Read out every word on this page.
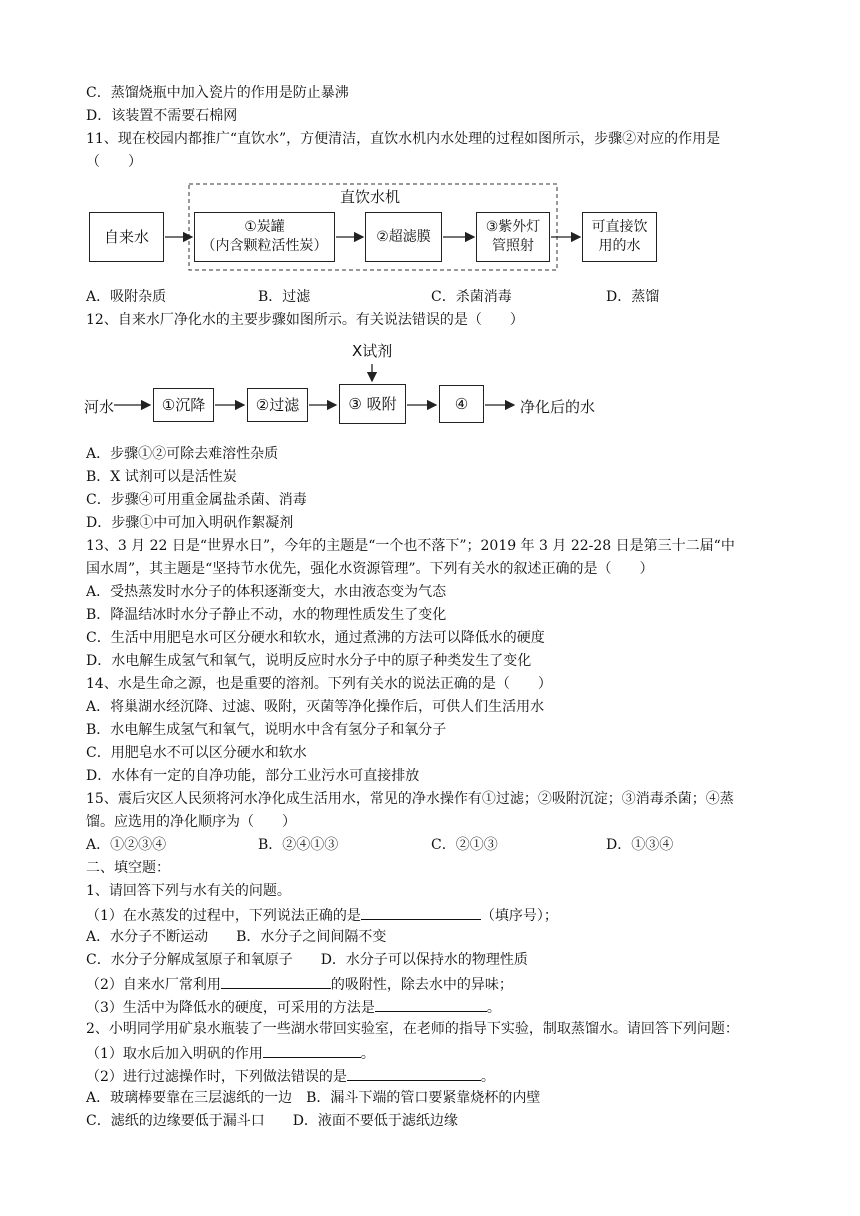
C．蒸馏烧瓶中加入瓷片的作用是防止暴沸
D．该装置不需要石棉网
11、现在校园内都推广“直饮水”，方便清洁，直饮水机内水处理的过程如图所示，步骤②对应的作用是
（　　）
直饮水机
自来水
①炭罐
（内含颗粒活性炭）
②超滤膜
③紫外灯
管照射
可直接饮
用的水
A．吸附杂质	B．过滤	C．杀菌消毒	D．蒸馏
12、自来水厂净化水的主要步骤如图所示。有关说法错误的是（　　）
X试剂
河水	①沉降	②过滤	③ 吸附	④	净化后的水
A．步骤①②可除去难溶性杂质
B．X 试剂可以是活性炭
C．步骤④可用重金属盐杀菌、消毒
D．步骤①中可加入明矾作絮凝剂
13、3 月 22 日是“世界水日”，今年的主题是“一个也不落下”；2019 年 3 月 22-28 日是第三十二届“中
国水周”，其主题是“坚持节水优先，强化水资源管理”。下列有关水的叙述正确的是（　　）
A．受热蒸发时水分子的体积逐渐变大，水由液态变为气态
B．降温结冰时水分子静止不动，水的物理性质发生了变化
C．生活中用肥皂水可区分硬水和软水，通过煮沸的方法可以降低水的硬度
D．水电解生成氢气和氧气，说明反应时水分子中的原子种类发生了变化
14、水是生命之源，也是重要的溶剂。下列有关水的说法正确的是（　　）
A．将巢湖水经沉降、过滤、吸附，灭菌等净化操作后，可供人们生活用水
B．水电解生成氢气和氧气，说明水中含有氢分子和氧分子
C．用肥皂水不可以区分硬水和软水
D．水体有一定的自净功能，部分工业污水可直接排放
15、震后灾区人民须将河水净化成生活用水，常见的净水操作有①过滤；②吸附沉淀；③消毒杀菌；④蒸
馏。应选用的净化顺序为（　　）
A．①②③④	B．②④①③	C．②①③	D．①③④
二、填空题：
1、请回答下列与水有关的问题。
（1）在水蒸发的过程中，下列说法正确的是	（填序号）；
A．水分子不断运动　　B．水分子之间间隔不变
C．水分子分解成氢原子和氧原子　　D．水分子可以保持水的物理性质
（2）自来水厂常利用	的吸附性，除去水中的异味；
（3）生活中为降低水的硬度，可采用的方法是	。
2、小明同学用矿泉水瓶装了一些湖水带回实验室，在老师的指导下实验，制取蒸馏水。请回答下列问题：
（1）取水后加入明矾的作用	。
（2）进行过滤操作时，下列做法错误的是	。
A．玻璃棒要靠在三层滤纸的一边　B．漏斗下端的管口要紧靠烧杯的内壁
C．滤纸的边缘要低于漏斗口　　D．液面不要低于滤纸边缘
